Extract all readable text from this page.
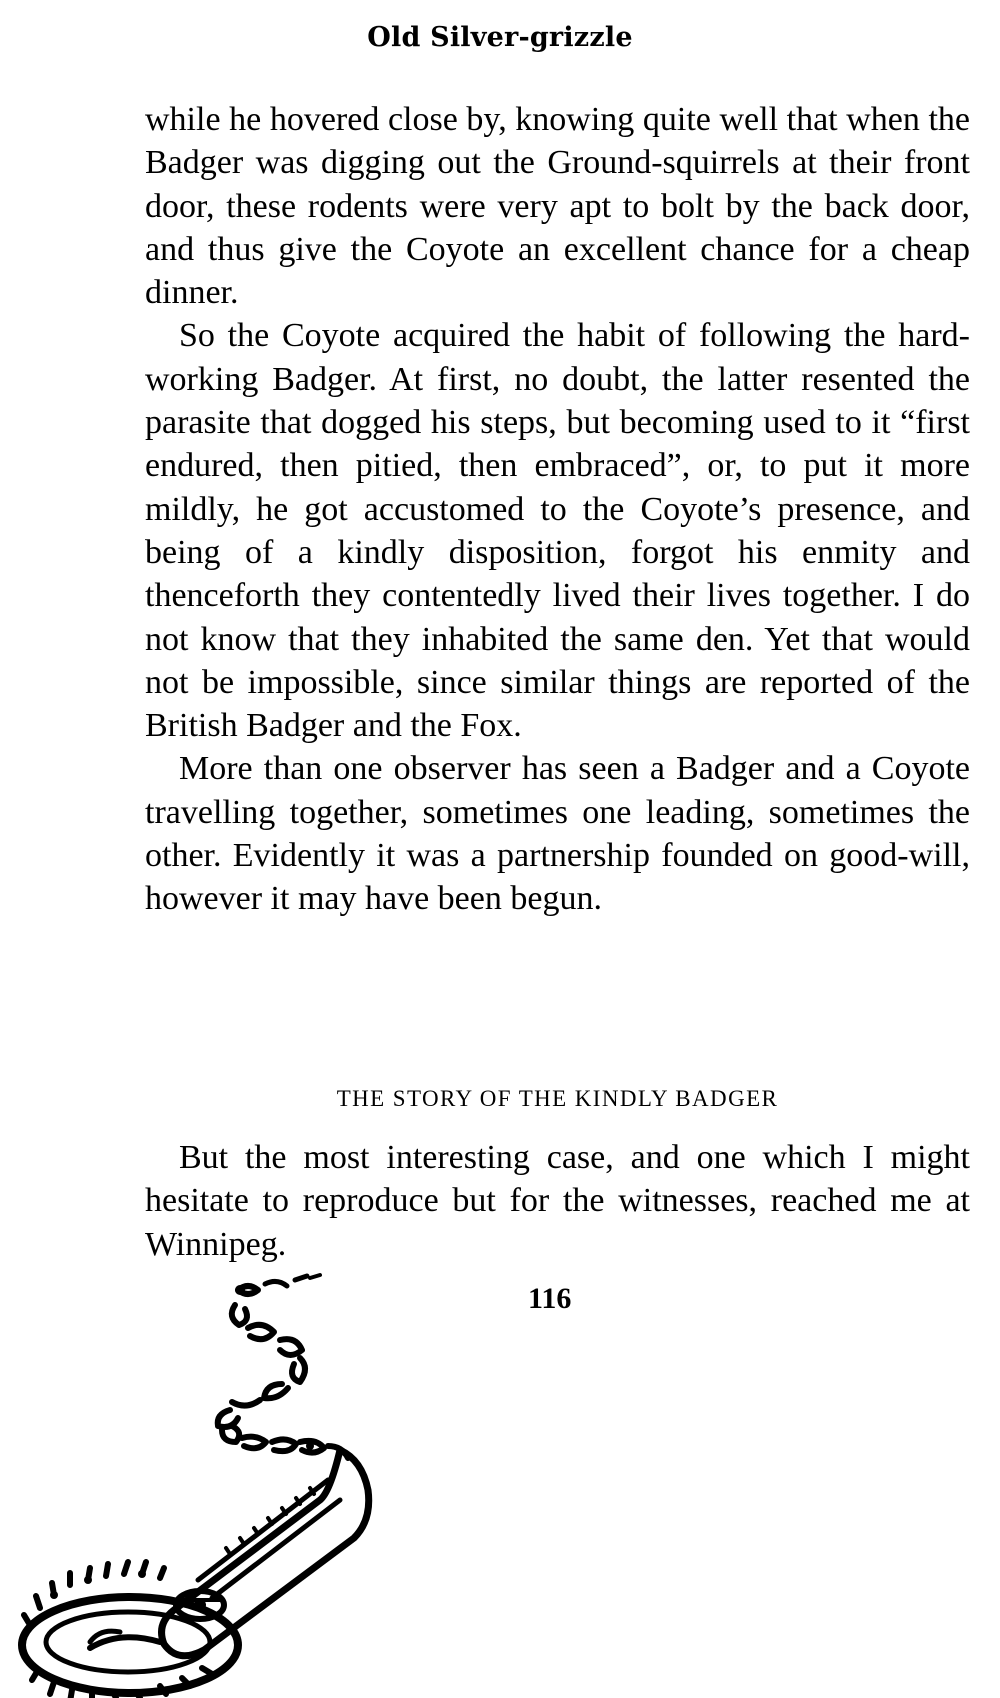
Old Silver-grizzle

while he hovered close by, knowing quite well that when the Badger was digging out the Ground-squirrels at their front door, these rodents were very apt to bolt by the back door, and thus give the Coyote an excellent chance for a cheap dinner.

So the Coyote acquired the habit of following the hard-working Badger. At first, no doubt, the latter resented the parasite that dogged his steps, but becoming used to it “first endured, then pitied, then embraced”, or, to put it more mildly, he got accustomed to the Coyote’s presence, and being of a kindly disposition, forgot his enmity and thenceforth they contentedly lived their lives together. I do not know that they inhabited the same den. Yet that would not be impossible, since similar things are reported of the British Badger and the Fox.

More than one observer has seen a Badger and a Coyote travelling together, sometimes one leading, sometimes the other. Evidently it was a partnership founded on good-will, however it may have been begun.

THE STORY OF THE KINDLY BADGER

But the most interesting case, and one which I might hesitate to reproduce but for the witnesses, reached me at Winnipeg.

116
